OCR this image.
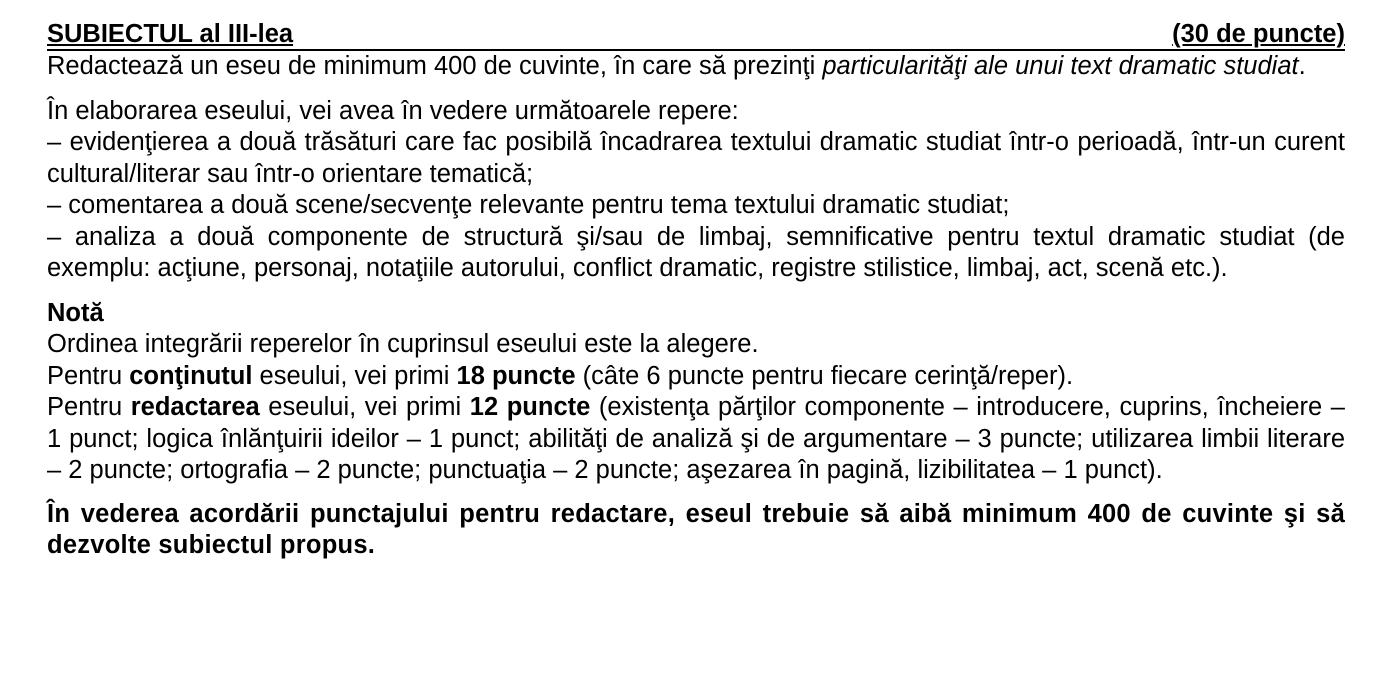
SUBIECTUL al III-lea	(30 de puncte)

Redactează un eseu de minimum 400 de cuvinte, în care să prezinţi particularităţi ale unui text dramatic studiat.

În elaborarea eseului, vei avea în vedere următoarele repere:

– evidenţierea a două trăsături care fac posibilă încadrarea textului dramatic studiat într-o perioadă, într-un curent cultural/literar sau într-o orientare tematică;

– comentarea a două scene/secvenţe relevante pentru tema textului dramatic studiat;

– analiza a două componente de structură şi/sau de limbaj, semnificative pentru textul dramatic studiat (de exemplu: acţiune, personaj, notaţiile autorului, conflict dramatic, registre stilistice, limbaj, act, scenă etc.).

Notă

Ordinea integrării reperelor în cuprinsul eseului este la alegere.

Pentru conţinutul eseului, vei primi 18 puncte (câte 6 puncte pentru fiecare cerinţă/reper).

Pentru redactarea eseului, vei primi 12 puncte (existenţa părţilor componente – introducere, cuprins, încheiere – 1 punct; logica înlănţuirii ideilor – 1 punct; abilităţi de analiză şi de argumentare – 3 puncte; utilizarea limbii literare – 2 puncte; ortografia – 2 puncte; punctuaţia – 2 puncte; aşezarea în pagină, lizibilitatea – 1 punct).

În vederea acordării punctajului pentru redactare, eseul trebuie să aibă minimum 400 de cuvinte şi să dezvolte subiectul propus.
